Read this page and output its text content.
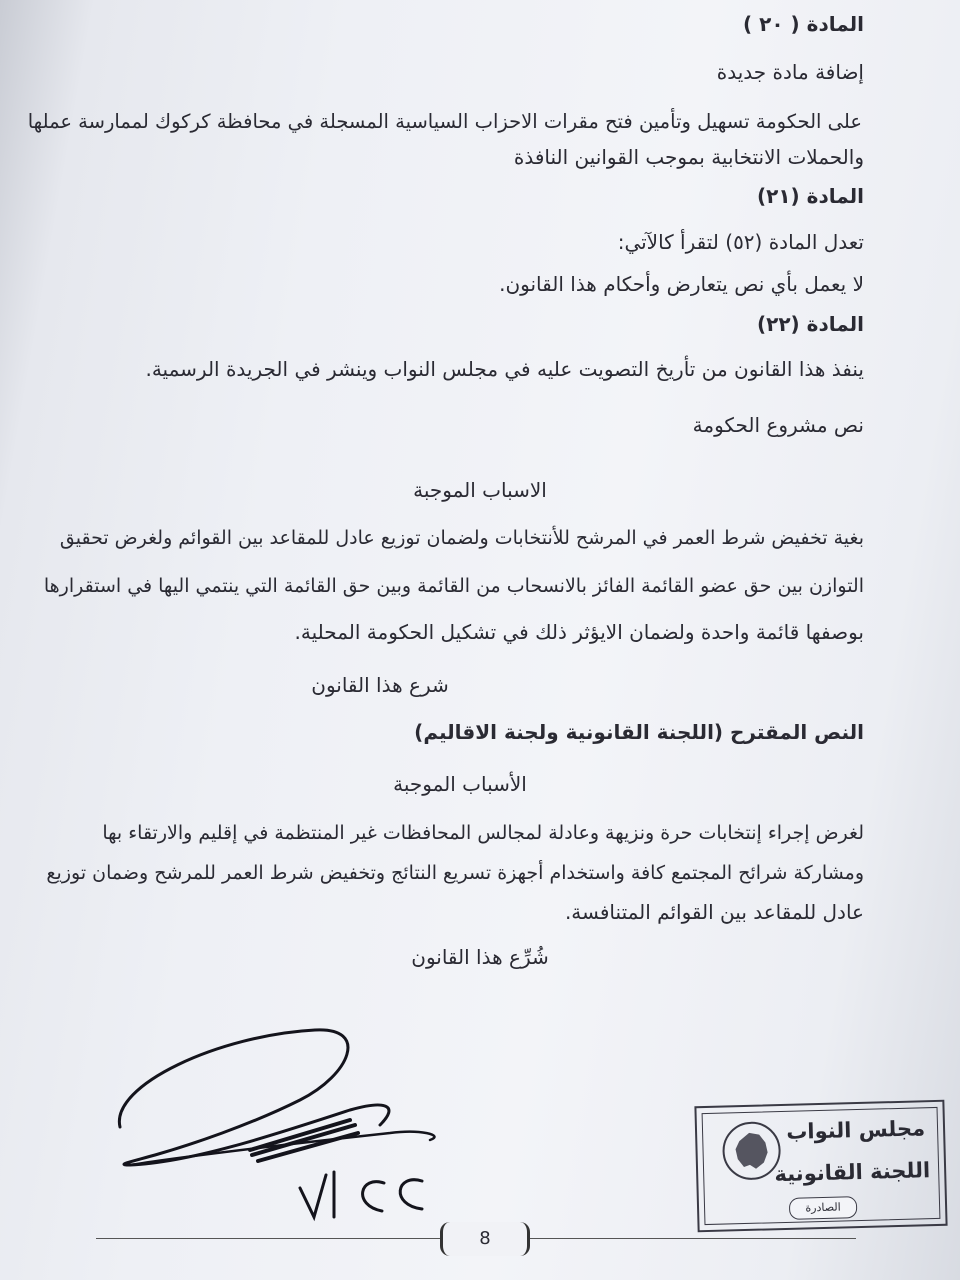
المادة ( ٢٠ )
إضافة مادة جديدة
على الحكومة تسهيل وتأمين فتح مقرات الاحزاب السياسية المسجلة في محافظة كركوك لممارسة عملها
والحملات الانتخابية بموجب القوانين النافذة
المادة (٢١)
تعدل المادة (٥٢) لتقرأ كالآتي:
لا يعمل بأي نص يتعارض وأحكام هذا القانون.
المادة (٢٢)
ينفذ هذا القانون من تأريخ التصويت عليه في مجلس النواب وينشر في الجريدة الرسمية.
نص مشروع الحكومة
الاسباب الموجبة
بغية تخفيض شرط العمر في المرشح للأنتخابات ولضمان توزيع عادل للمقاعد بين القوائم ولغرض تحقيق
التوازن بين حق عضو القائمة الفائز بالانسحاب من القائمة وبين حق القائمة التي ينتمي اليها في استقرارها
بوصفها قائمة واحدة ولضمان الايؤثر ذلك في تشكيل الحكومة المحلية.
شرع هذا القانون
النص المقترح (اللجنة القانونية ولجنة الاقاليم)
الأسباب الموجبة
لغرض إجراء إنتخابات حرة ونزيهة وعادلة لمجالس المحافظات غير المنتظمة في إقليم والارتقاء بها
ومشاركة شرائح المجتمع كافة واستخدام أجهزة تسريع النتائج وتخفيض شرط العمر للمرشح وضمان توزيع
عادل للمقاعد بين القوائم المتنافسة.
شُرِّع هذا القانون
مجلس النواب
اللجنة القانونية
الصادرة
8
